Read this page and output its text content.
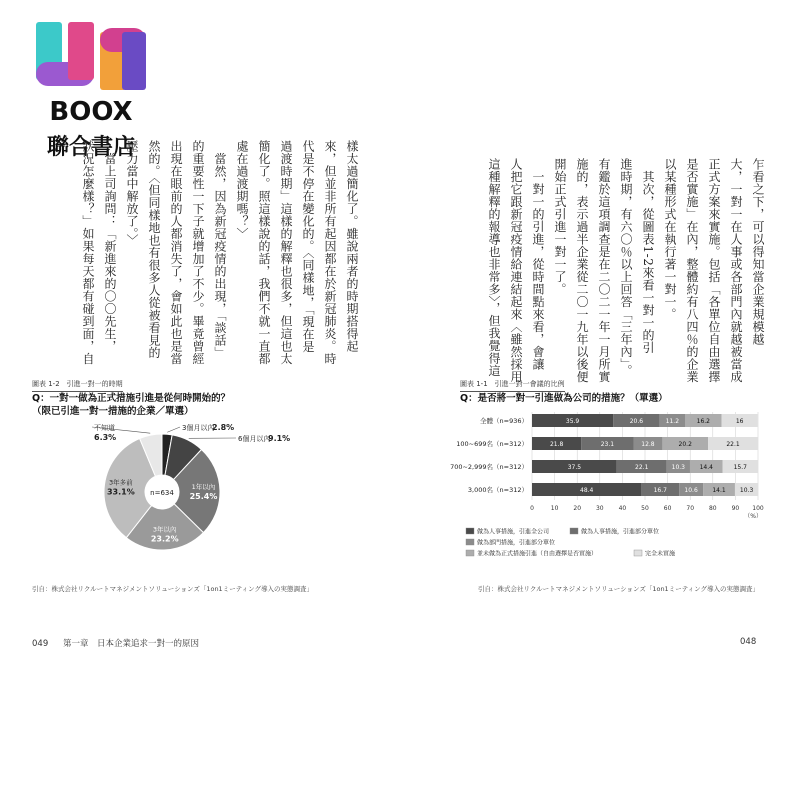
BOOX
聯合書店	樣太過簡化了。雖說兩者的時期搭得起
來，但並非所有起因都在於新冠肺炎。時
代是不停在變化的。〈同樣地，「現在是
過渡時期」這樣的解釋也很多，但這也太
簡化了。照這樣說的話，我們不就一直都
處在過渡期嗎？〉
　當然，因為新冠疫情的出現，「談話」
的重要性一下子就增加了不少。畢竟曾經
出現在眼前的人都消失了，會如此也是當
然的。〈但同樣地也有很多人從被看見的
壓力當中解放了。〉
　當上司詢問：「新進來的〇〇先生，
狀況怎麼樣？」如果每天都有碰到面，自
圖表 1-2　引進一對一的時期
Q：一對一做為正式措施引進是從何時開始的？
（限已引進一對一措施的企業／單選）
n=634
3個月以內
2.8%
6個月以內
9.1%
不知道
6.3%
1年以內
25.4%
3年以內
23.2%
3年多前
33.1%
引自：株式会社リクルートマネジメントソリューションズ「1on1ミーティング導入の実態調査」
049 第一章　日本企業追求一對一的原因
乍看之下，可以得知當企業規模越
大，一對一在人事或各部門內就越被當成
正式方案來實施。包括「各單位自由選擇
是否實施」在內，整體約有八四％的企業
以某種形式在執行著一對一。
　其次，從圖表1-2來看一對一的引
進時期，有六〇％以上回答「三年內」。
有鑑於這項調查是在二〇二一年一月所實
施的，表示過半企業從二〇一九年以後便
開始正式引進一對一了。
　一對一的引進，從時間點來看，會讓
人把它跟新冠疫情給連結起來〈雖然採用
這種解釋的報導也非常多〉，但我覺得這
圖表 1-1　引進一對一會議的比例
Q：是否將一對一引進做為公司的措施？（單選）
0	10 20 30 40 50 60 70 80 90 100
（%）
全體（n=936）	35.9	20.6	11.2	16.2	16
100~699名（n=312）	21.8	23.1	12.8	20.2	22.1
700~2,999名（n=312）	37.5	22.1	10.3 14.4	15.7
3,000名（n=312）	48.4	16.7	10.6 14.1 10.3
做為人事措施，引進全公司	做為人事措施，引進部分單位
做為部門措施，引進部分單位
並未做為正式措施引進（自由選擇是否實施）	完全未實施
引自：株式会社リクルートマネジメントソリューションズ「1on1ミーティング導入の実態調査」
048
